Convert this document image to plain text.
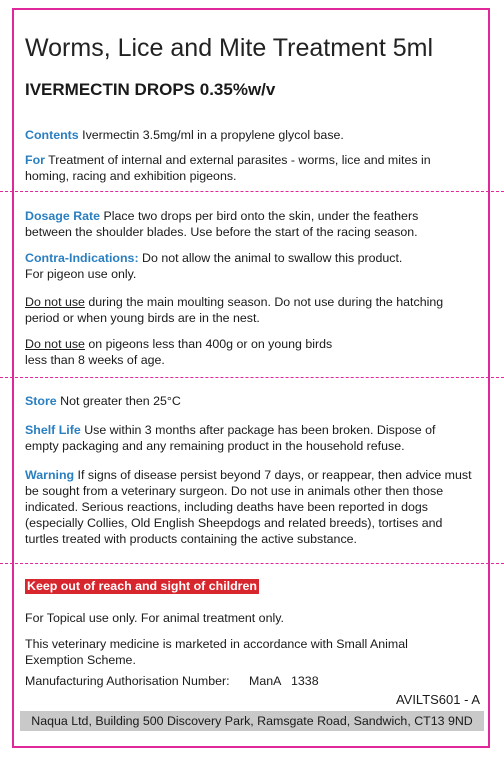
Worms, Lice and Mite Treatment 5ml
IVERMECTIN DROPS 0.35%w/v
Contents Ivermectin 3.5mg/ml in a propylene glycol base.
For Treatment of internal and external parasites - worms, lice and mites in homing, racing and exhibition pigeons.
Dosage Rate Place two drops per bird onto the skin, under the feathers between the shoulder blades. Use before the start of the racing season.
Contra-Indications: Do not allow the animal to swallow this product.
For pigeon use only.
Do not use during the main moulting season. Do not use during the hatching period or when young birds are in the nest.
Do not use on pigeons less than 400g or on young birds less than 8 weeks of age.
Store Not greater then 25°C
Shelf Life Use within 3 months after package has been broken. Dispose of empty packaging and any remaining product in the household refuse.
Warning If signs of disease persist beyond 7 days, or reappear, then advice must be sought from a veterinary surgeon. Do not use in animals other then those indicated. Serious reactions, including deaths have been reported in dogs (especially Collies, Old English Sheepdogs and related breeds), tortises and turtles treated with products containing the active substance.
Keep out of reach and sight of children
For Topical use only. For animal treatment only.
This veterinary medicine is marketed in accordance with Small Animal Exemption Scheme.
Manufacturing Authorisation Number: ManA   1338
AVILTS601 - A
Naqua Ltd, Building 500 Discovery Park, Ramsgate Road, Sandwich, CT13 9ND
